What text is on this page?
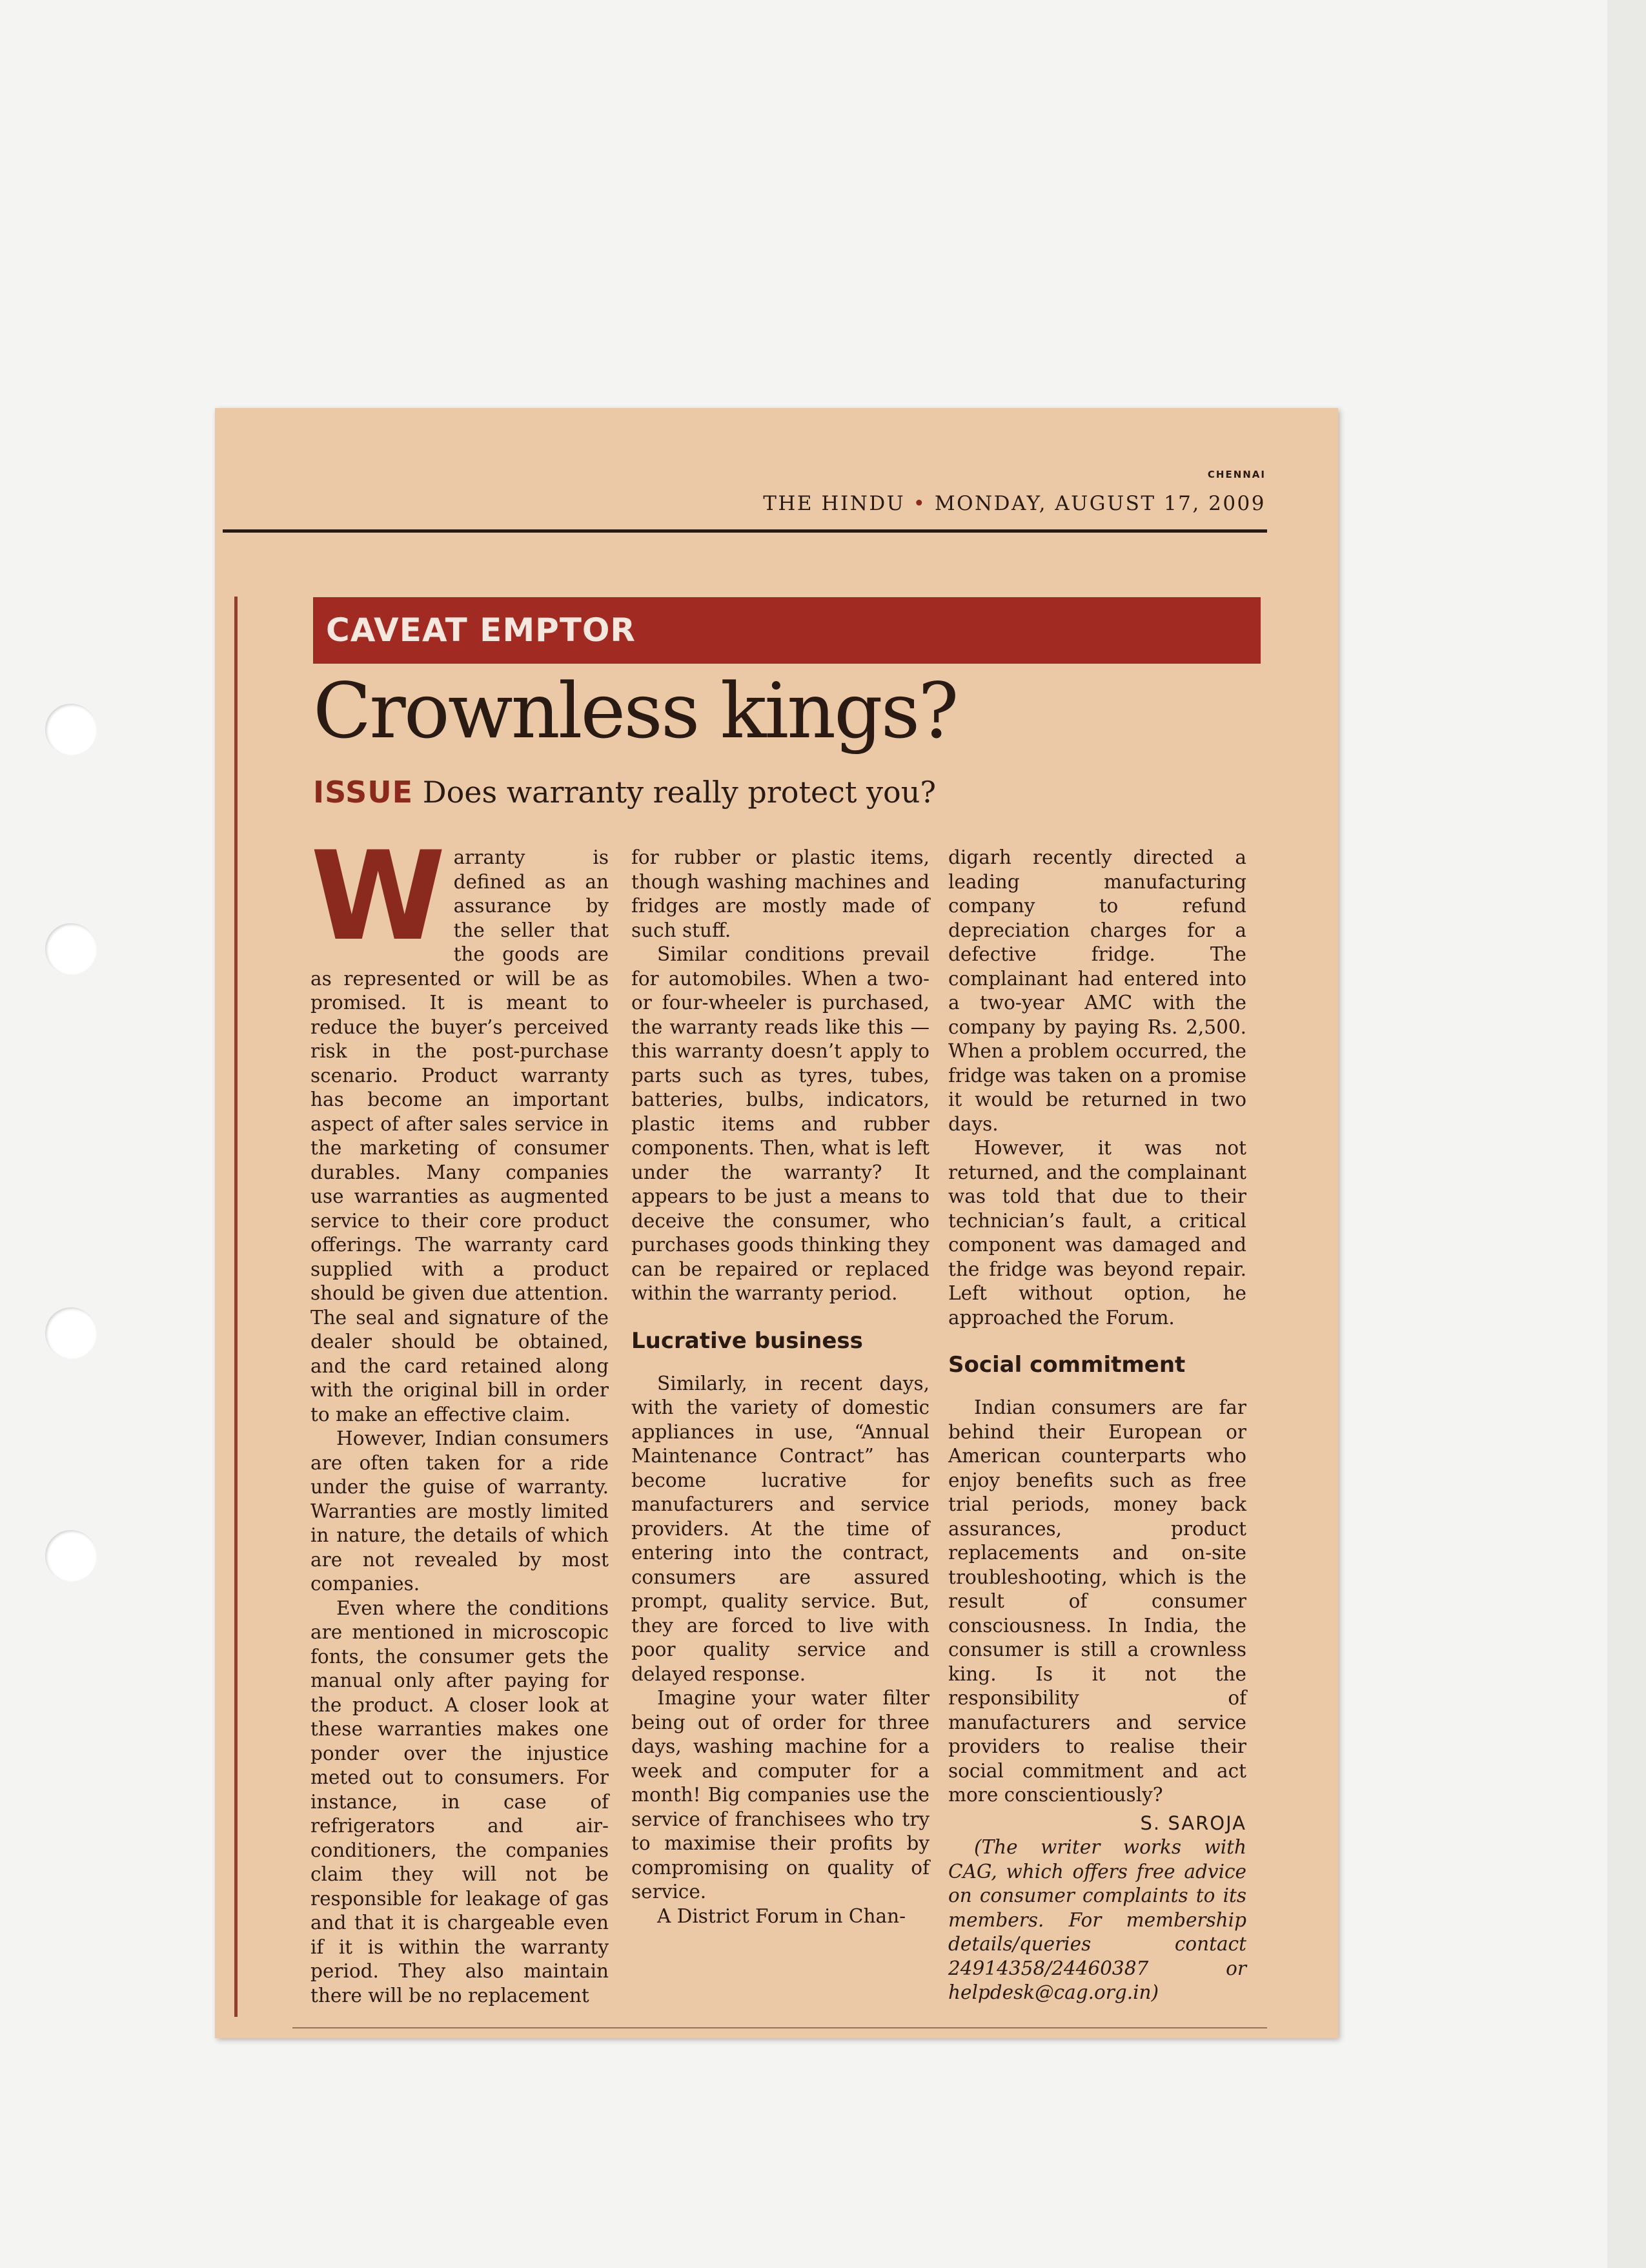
CHENNAI
THE HINDU • MONDAY, AUGUST 17, 2009
CAVEAT EMPTOR
Crownless kings?
ISSUE Does warranty really protect you?

Warranty is defined as an assurance by the seller that the goods are as represented or will be as promised. It is meant to reduce the buyer’s perceived risk in the post-purchase scenario. Product warranty has become an important aspect of after sales service in the marketing of consumer durables. Many companies use warranties as augmented service to their core product offerings. The warranty card supplied with a product should be given due attention. The seal and signature of the dealer should be obtained, and the card retained along with the original bill in order to make an effective claim.

However, Indian consumers are often taken for a ride under the guise of warranty. Warranties are mostly limited in nature, the details of which are not revealed by most companies.

Even where the conditions are mentioned in microscopic fonts, the consumer gets the manual only after paying for the product. A closer look at these warranties makes one ponder over the injustice meted out to consumers. For instance, in case of refrigerators and air-conditioners, the companies claim they will not be responsible for leakage of gas and that it is chargeable even if it is within the warranty period. They also maintain there will be no replacement

for rubber or plastic items, though washing machines and fridges are mostly made of such stuff.

Similar conditions prevail for automobiles. When a two- or four-wheeler is purchased, the warranty reads like this — this warranty doesn’t apply to parts such as tyres, tubes, batteries, bulbs, indicators, plastic items and rubber components. Then, what is left under the warranty? It appears to be just a means to deceive the consumer, who purchases goods thinking they can be repaired or replaced within the warranty period.

Lucrative business

Similarly, in recent days, with the variety of domestic appliances in use, “Annual Maintenance Contract” has become lucrative for manufacturers and service providers. At the time of entering into the contract, consumers are assured prompt, quality service. But, they are forced to live with poor quality service and delayed response.

Imagine your water filter being out of order for three days, washing machine for a week and computer for a month! Big companies use the service of franchisees who try to maximise their profits by compromising on quality of service.

A District Forum in Chan-

digarh recently directed a leading manufacturing company to refund depreciation charges for a defective fridge. The complainant had entered into a two-year AMC with the company by paying Rs. 2,500. When a problem occurred, the fridge was taken on a promise it would be returned in two days.

However, it was not returned, and the complainant was told that due to their technician’s fault, a critical component was damaged and the fridge was beyond repair. Left without option, he approached the Forum.

Social commitment

Indian consumers are far behind their European or American counterparts who enjoy benefits such as free trial periods, money back assurances, product replacements and on-site troubleshooting, which is the result of consumer consciousness. In India, the consumer is still a crownless king. Is it not the responsibility of manufacturers and service providers to realise their social commitment and act more conscientiously?

S. SAROJA

(The writer works with CAG, which offers free advice on consumer complaints to its members. For membership details/queries contact 24914358/24460387 or helpdesk@cag.org.in)
